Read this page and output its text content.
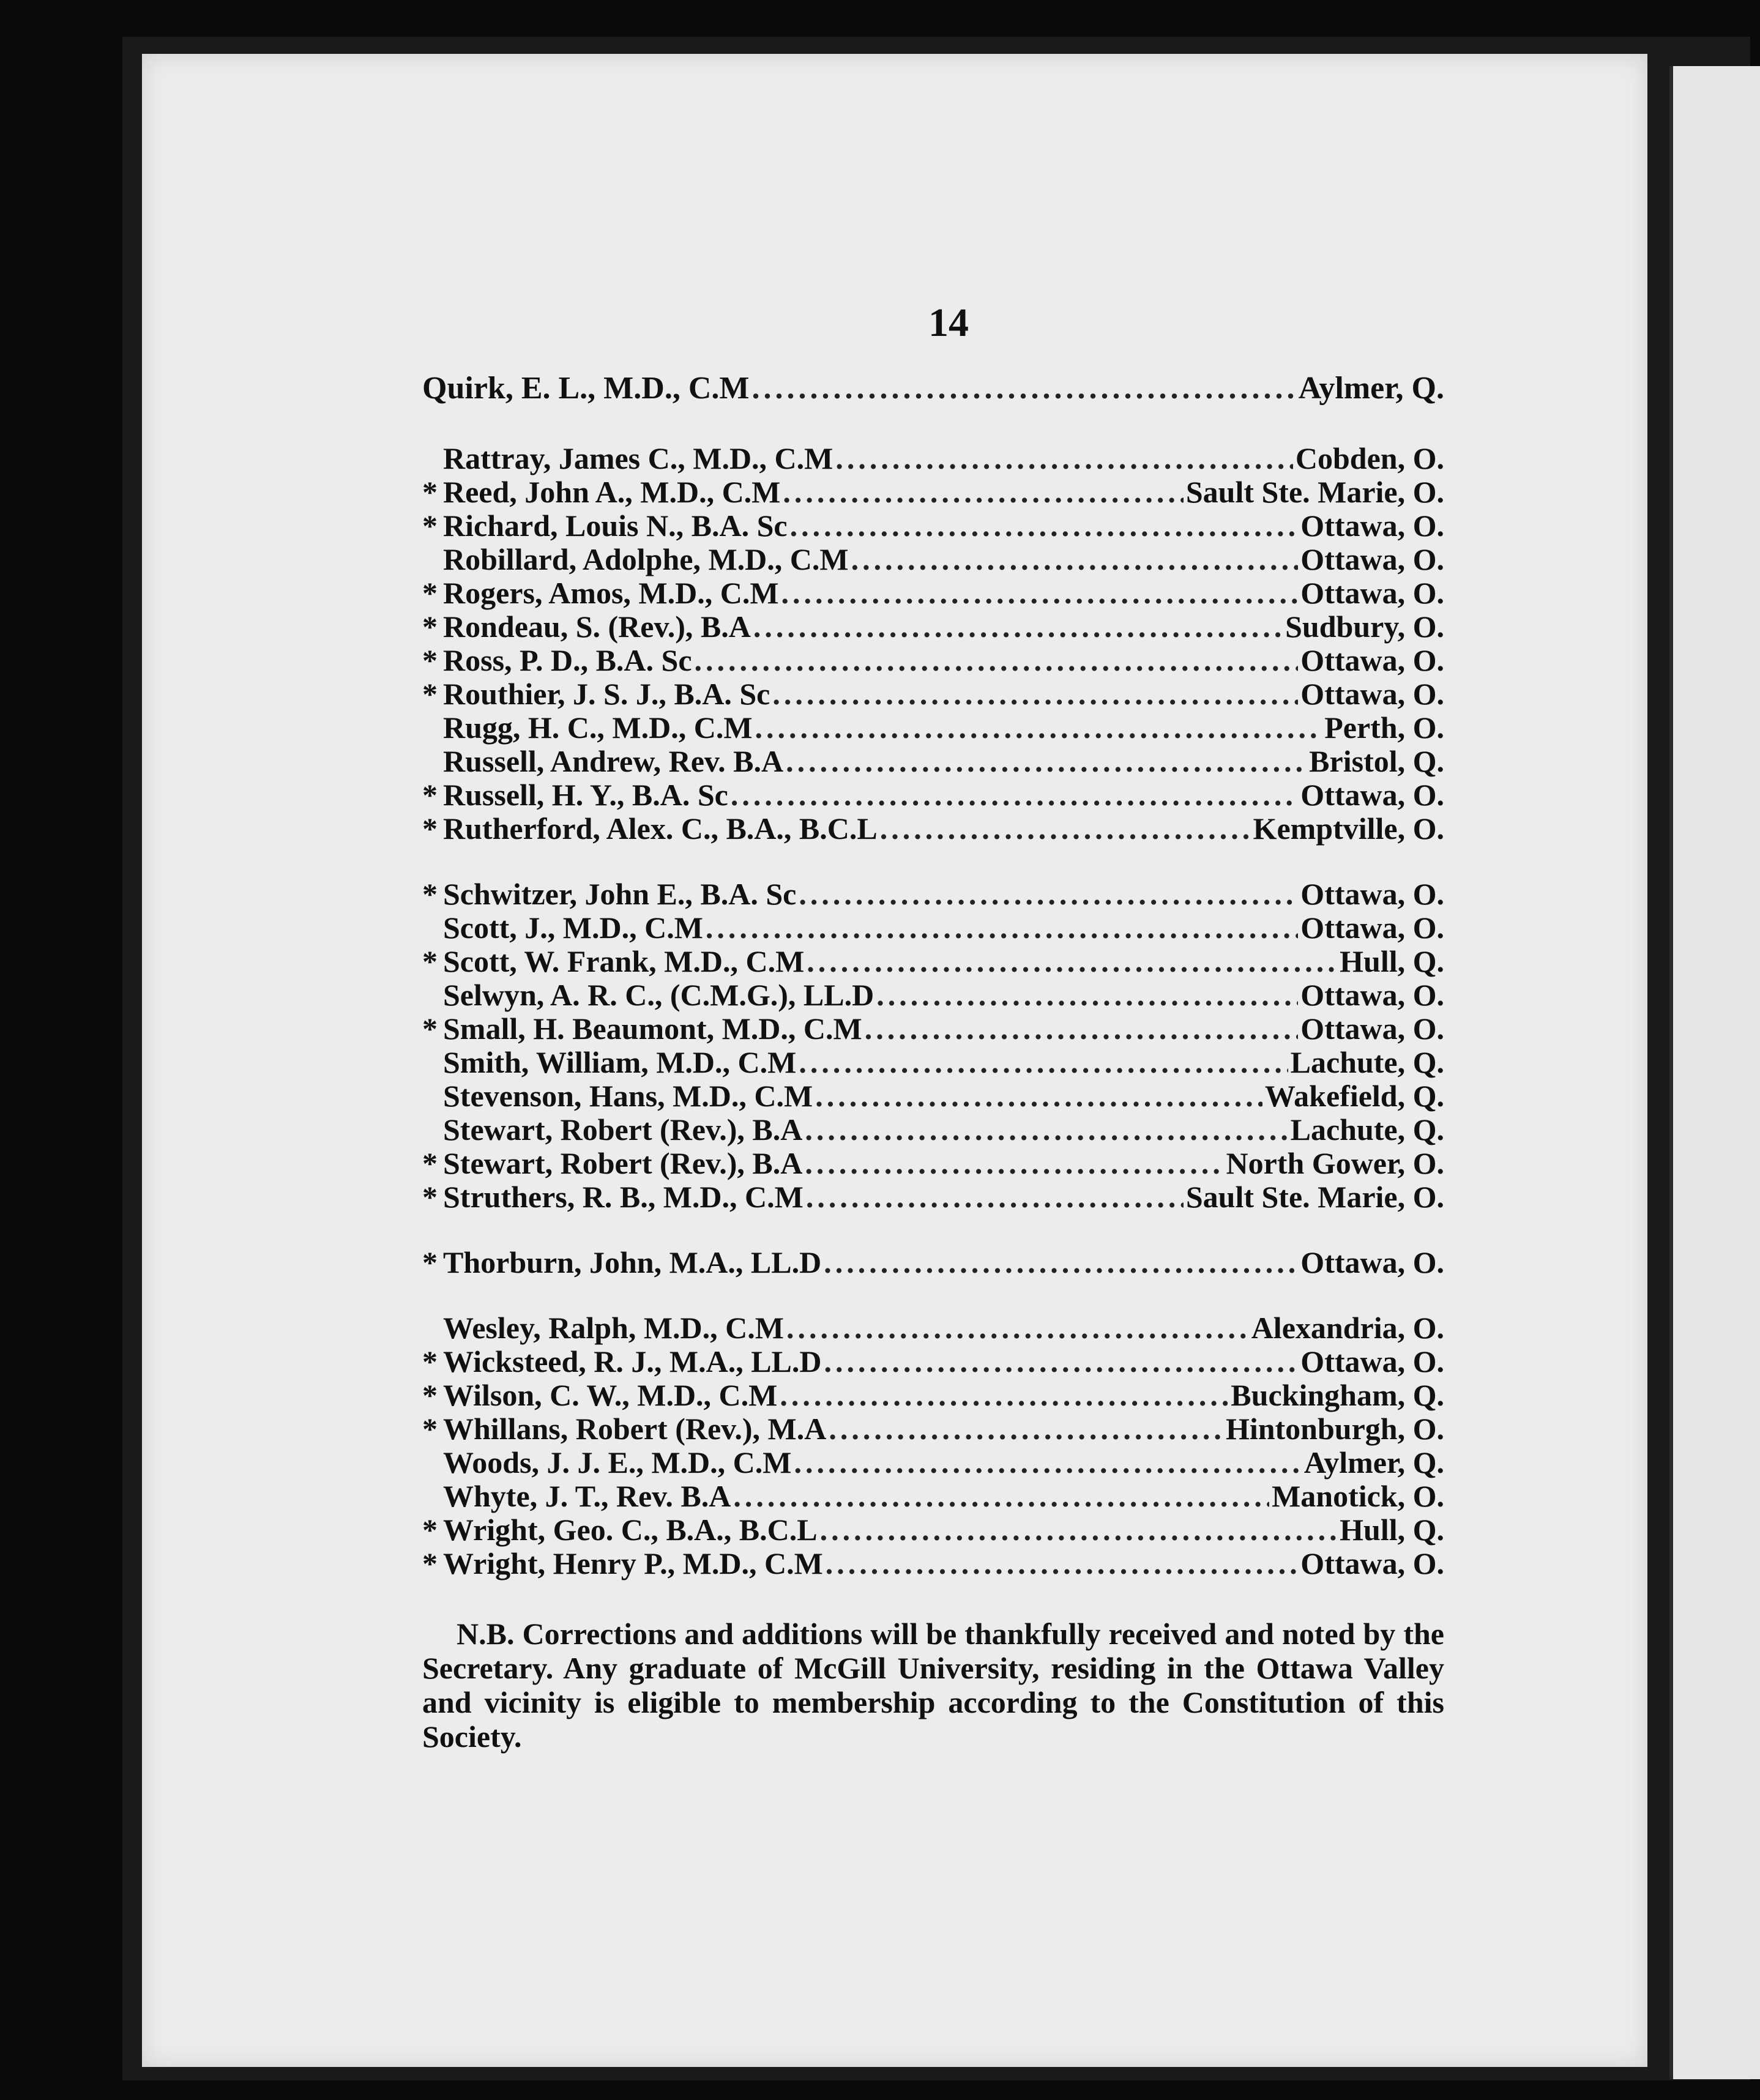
14
Quirk, E. L., M.D., C.M .....	Aylmer, Q.
Rattray, James C., M.D., C.M .....	Cobden, O.
* Reed, John A., M.D., C.M .....	Sault Ste. Marie, O.
* Richard, Louis N., B.A. Sc .....	Ottawa, O.
Robillard, Adolphe, M.D., C.M .....	Ottawa, O.
* Rogers, Amos, M.D., C.M .....	Ottawa, O.
* Rondeau, S. (Rev.), B.A .....	Sudbury, O.
* Ross, P. D., B.A. Sc .....	Ottawa, O.
* Routhier, J. S. J., B.A. Sc .....	Ottawa, O.
Rugg, H. C., M.D., C.M .....	Perth, O.
Russell, Andrew, Rev. B.A .....	Bristol, Q.
* Russell, H. Y., B.A. Sc .....	Ottawa, O.
* Rutherford, Alex. C., B.A., B.C.L .....	Kemptville, O.
* Schwitzer, John E., B.A. Sc .....	Ottawa, O.
Scott, J., M.D., C.M .....	Ottawa, O.
* Scott, W. Frank, M.D., C.M .....	Hull, Q.
Selwyn, A. R. C., (C.M.G.), LL.D .....	Ottawa, O.
* Small, H. Beaumont, M.D., C.M .....	Ottawa, O.
Smith, William, M.D., C.M .....	Lachute, Q.
Stevenson, Hans, M.D., C.M .....	Wakefield, Q.
Stewart, Robert (Rev.), B.A .....	Lachute, Q.
* Stewart, Robert (Rev.), B.A .....	North Gower, O.
* Struthers, R. B., M.D., C.M .....	Sault Ste. Marie, O.
* Thorburn, John, M.A., LL.D .....	Ottawa, O.
Wesley, Ralph, M.D., C.M .....	Alexandria, O.
* Wicksteed, R. J., M.A., LL.D .....	Ottawa, O.
* Wilson, C. W., M.D., C.M .....	Buckingham, Q.
* Whillans, Robert (Rev.), M.A .....	Hintonburgh, O.
Woods, J. J. E., M.D., C.M .....	Aylmer, Q.
Whyte, J. T., Rev. B.A .....	Manotick, O.
* Wright, Geo. C., B.A., B.C.L .....	Hull, Q.
* Wright, Henry P., M.D., C.M .....	Ottawa, O.
N.B. Corrections and additions will be thankfully received and noted by the Secretary. Any graduate of McGill University, residing in the Ottawa Valley and vicinity is eligible to membership according to the Constitution of this Society.
